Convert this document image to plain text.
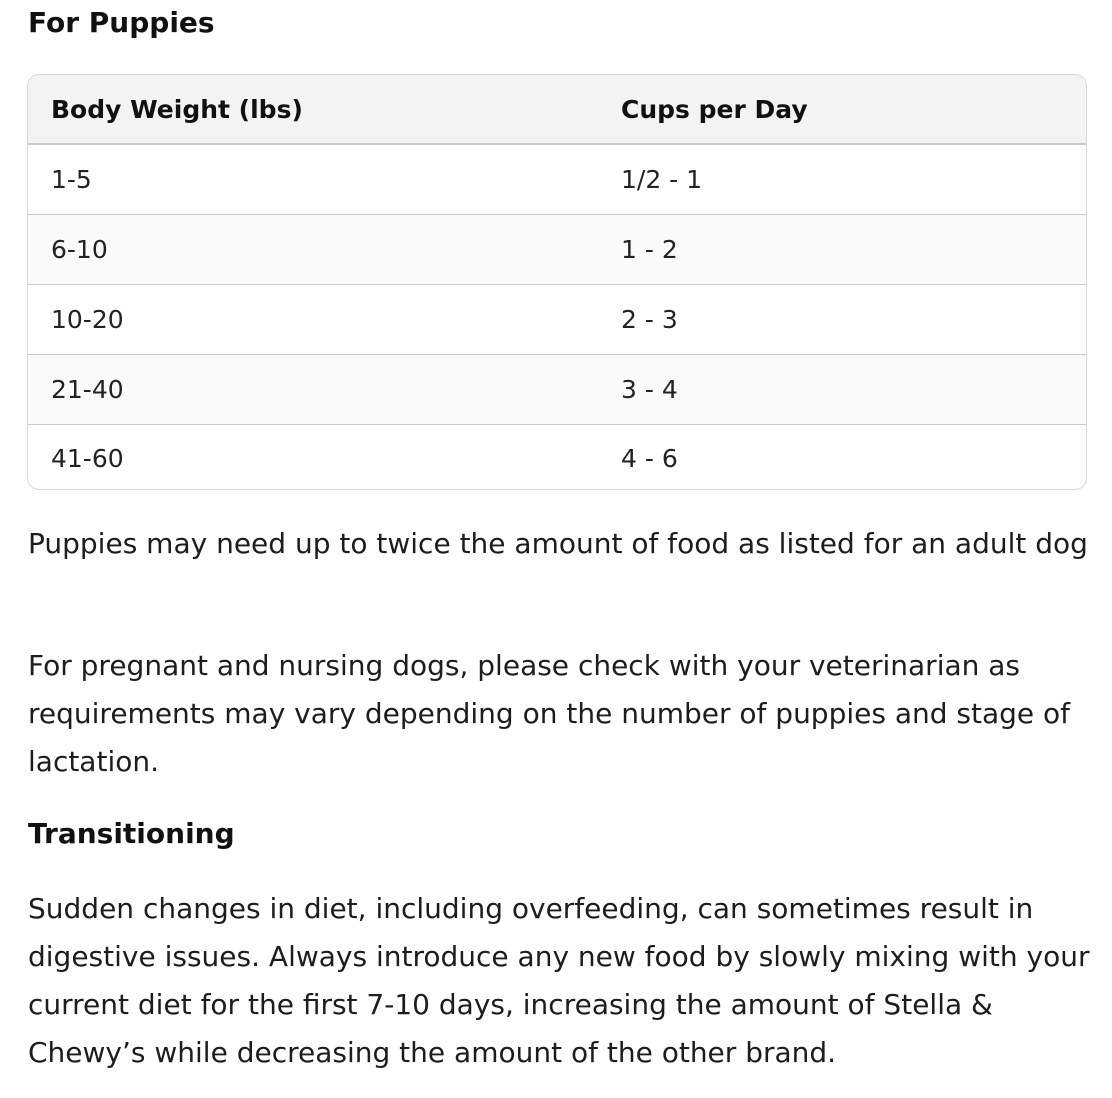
For Puppies
Body Weight (lbs)	Cups per Day
1-5	1/2 - 1
6-10	1 - 2
10-20	2 - 3
21-40	3 - 4
41-60	4 - 6

Puppies may need up to twice the amount of food as listed for an adult dog

For pregnant and nursing dogs, please check with your veterinarian as requirements may vary depending on the number of puppies and stage of lactation.

Transitioning

Sudden changes in diet, including overfeeding, can sometimes result in digestive issues. Always introduce any new food by slowly mixing with your current diet for the first 7-10 days, increasing the amount of Stella & Chewy’s while decreasing the amount of the other brand.
